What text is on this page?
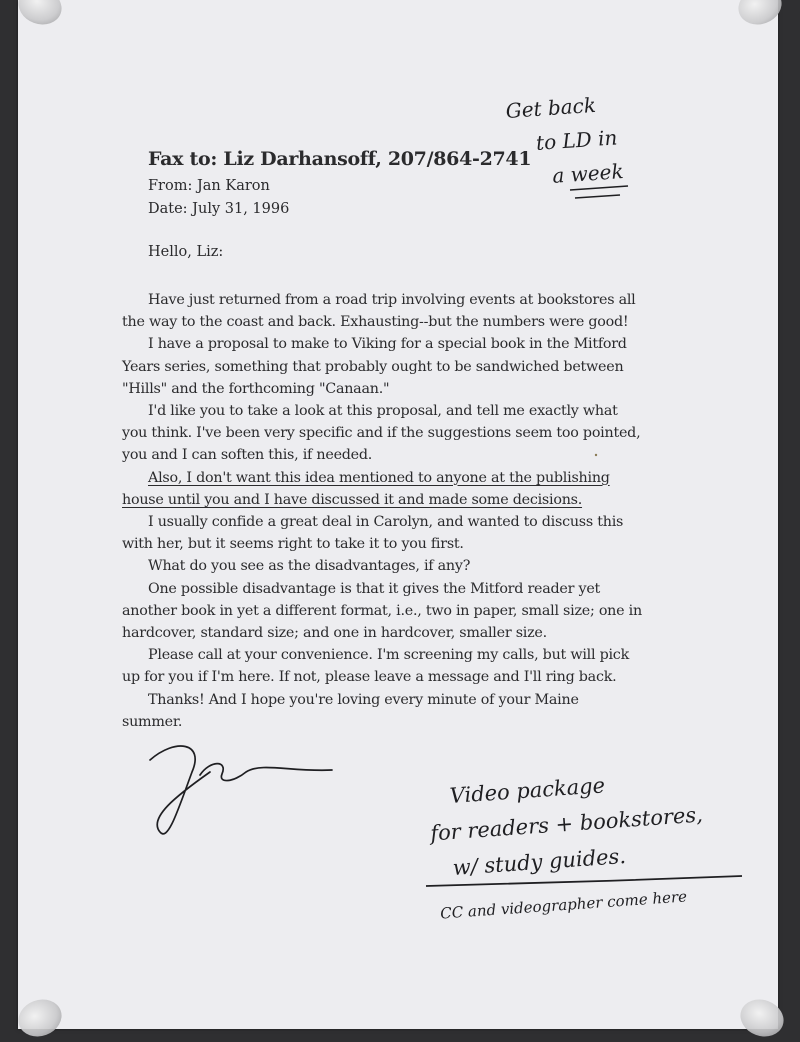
Fax to: Liz Darhansoff, 207/864-2741
From: Jan Karon
Date: July 31, 1996
Hello, Liz:

Have just returned from a road trip involving events at bookstores all the way to the coast and back. Exhausting--but the numbers were good!

I have a proposal to make to Viking for a special book in the Mitford Years series, something that probably ought to be sandwiched between "Hills" and the forthcoming "Canaan."

I'd like you to take a look at this proposal, and tell me exactly what you think. I've been very specific and if the suggestions seem too pointed, you and I can soften this, if needed.

Also, I don't want this idea mentioned to anyone at the publishing house until you and I have discussed it and made some decisions.

I usually confide a great deal in Carolyn, and wanted to discuss this with her, but it seems right to take it to you first.

What do you see as the disadvantages, if any?

One possible disadvantage is that it gives the Mitford reader yet another book in yet a different format, i.e., two in paper, small size; one in hardcover, standard size; and one in hardcover, smaller size.

Please call at your convenience. I'm screening my calls, but will pick up for you if I'm here. If not, please leave a message and I'll ring back.

Thanks! And I hope you're loving every minute of your Maine summer.

Get back
to LD in
a week
Video package
for readers + bookstores,
w/ study guides.
CC and videographer come here
